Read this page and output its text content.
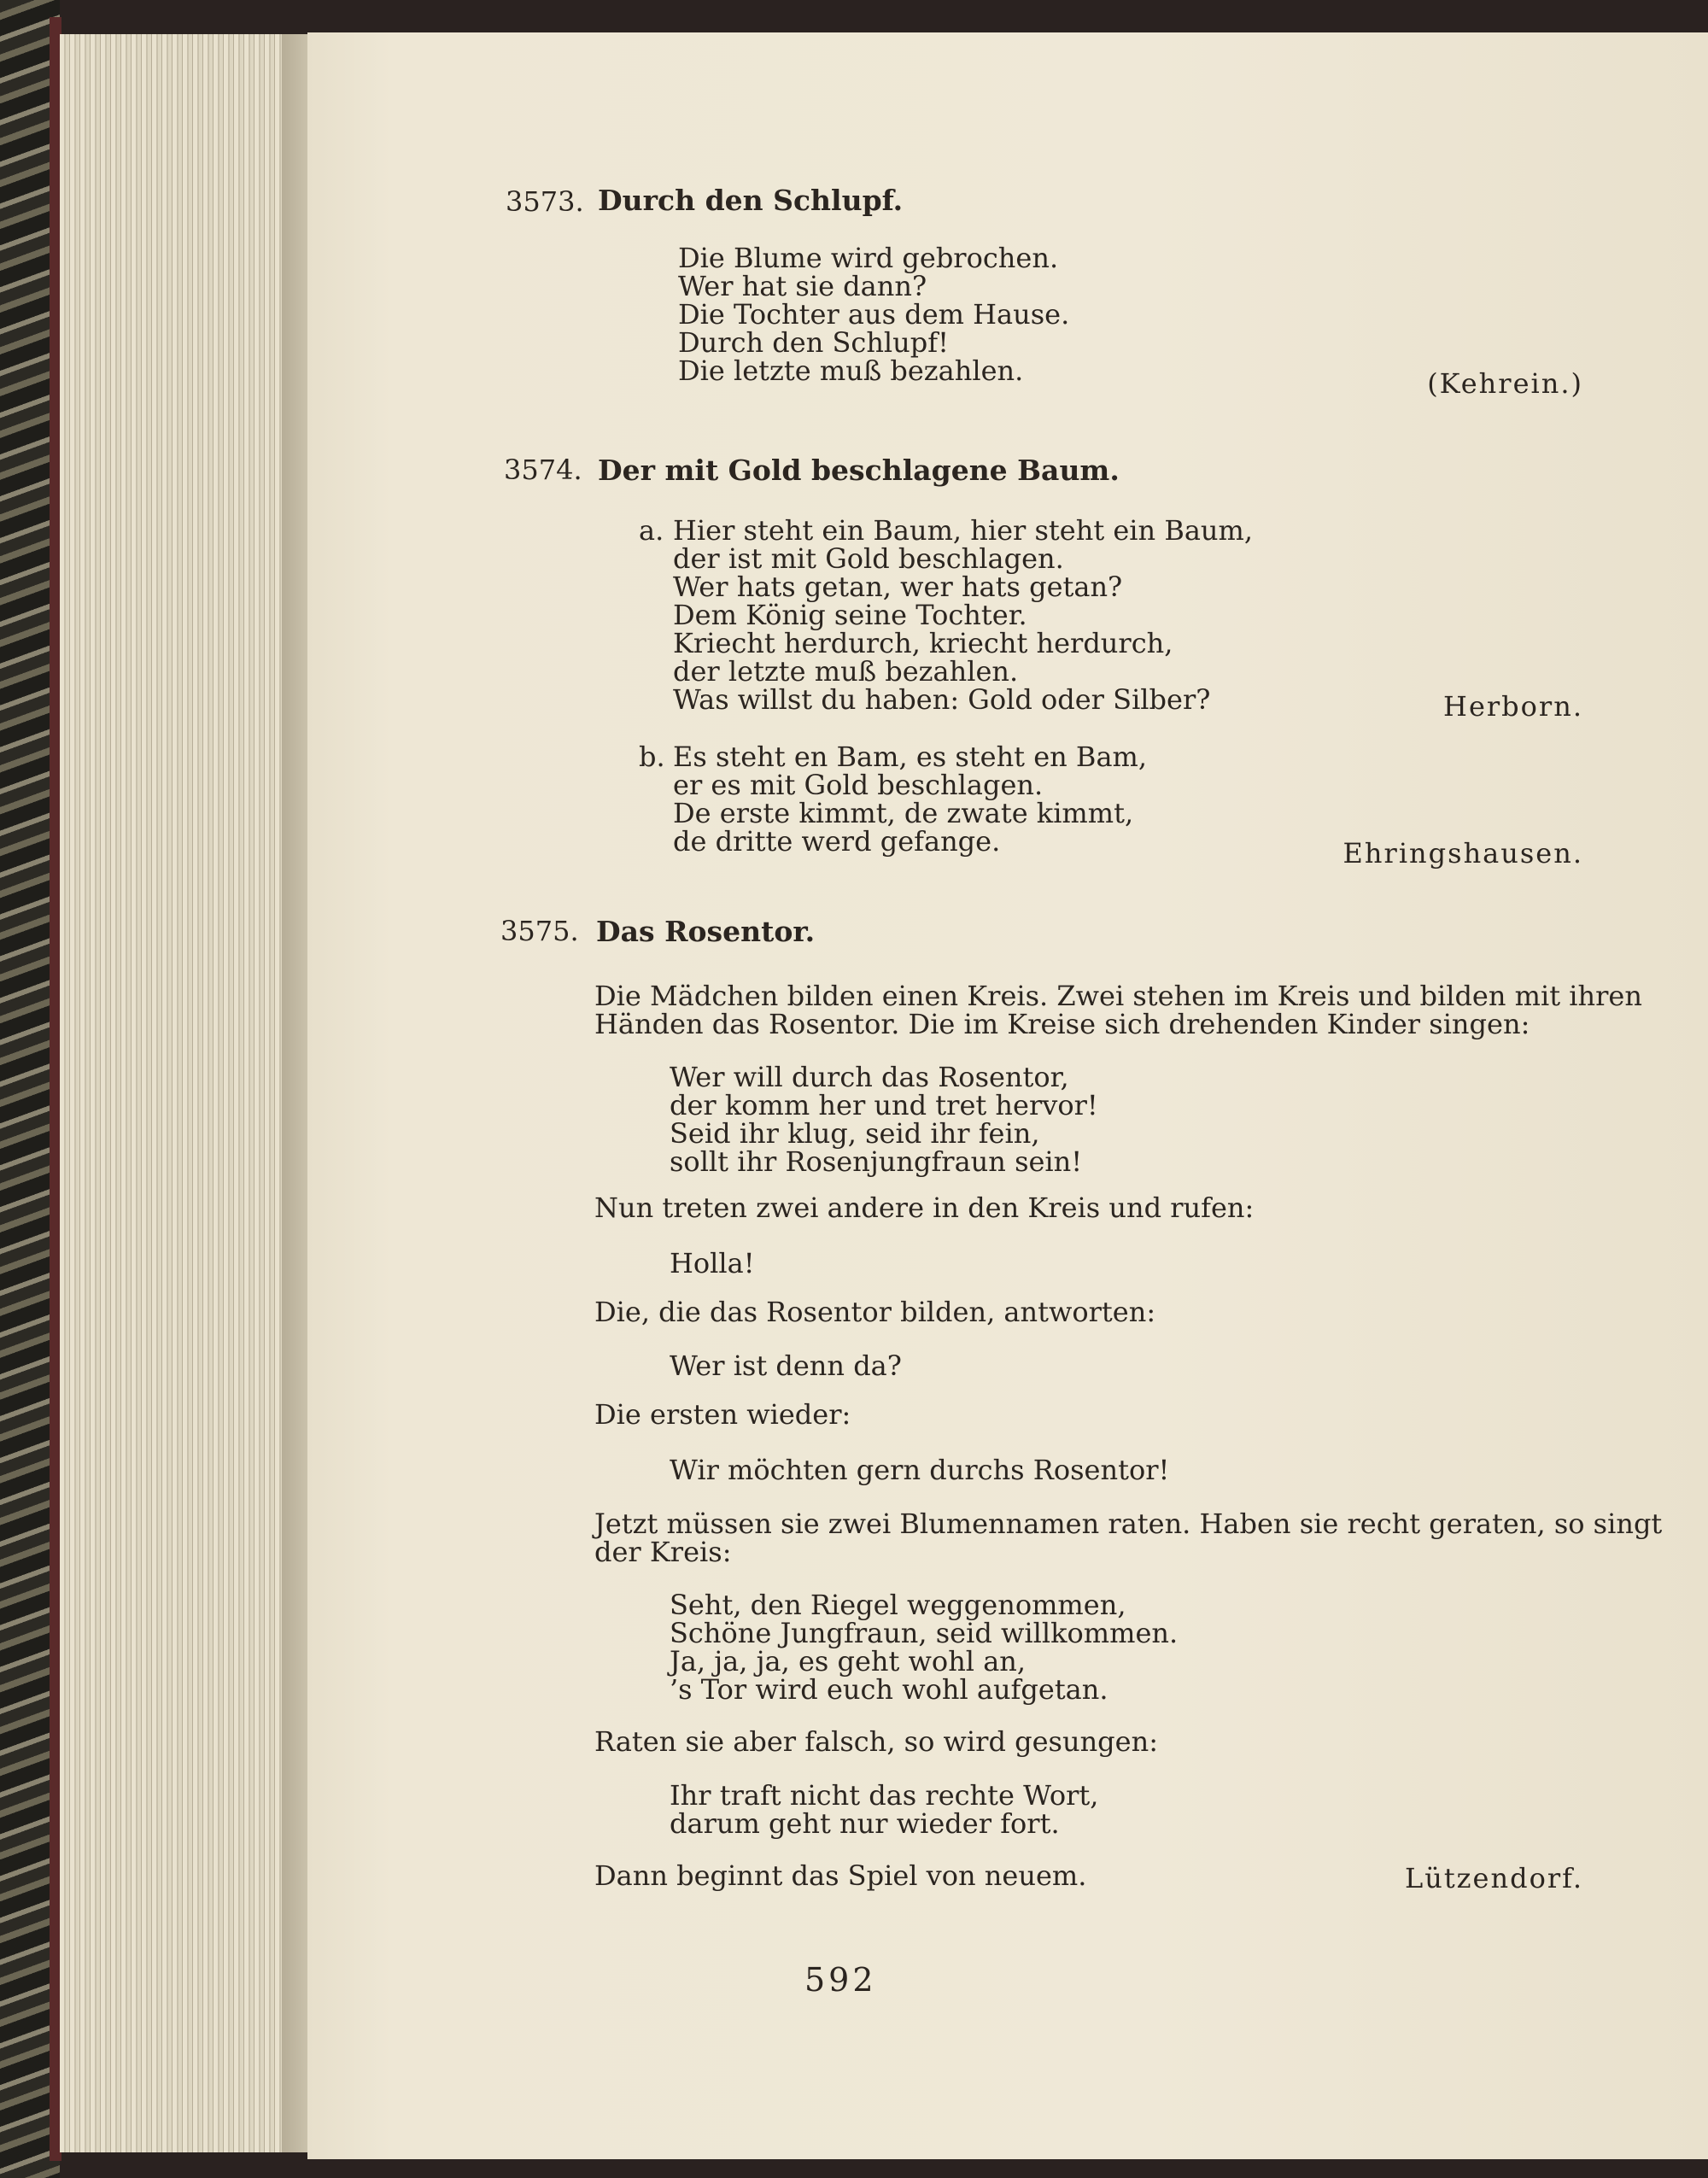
3573. Durch den Schlupf.
Die Blume wird gebrochen.
Wer hat sie dann?
Die Tochter aus dem Hause.
Durch den Schlupf!
Die letzte muß bezahlen.	(Kehrein.)
3574. Der mit Gold beschlagene Baum.
a. Hier steht ein Baum, hier steht ein Baum,
der ist mit Gold beschlagen.
Wer hats getan, wer hats getan?
Dem König seine Tochter.
Kriecht herdurch, kriecht herdurch,
der letzte muß bezahlen.
Was willst du haben: Gold oder Silber?	Herborn.
b. Es steht en Bam, es steht en Bam,
er es mit Gold beschlagen.
De erste kimmt, de zwate kimmt,
de dritte werd gefange.	Ehringshausen.
3575. Das Rosentor.
Die Mädchen bilden einen Kreis. Zwei stehen im Kreis und bilden mit ihren
Händen das Rosentor. Die im Kreise sich drehenden Kinder singen:
Wer will durch das Rosentor,
der komm her und tret hervor!
Seid ihr klug, seid ihr fein,
sollt ihr Rosenjungfraun sein!
Nun treten zwei andere in den Kreis und rufen:
Holla!
Die, die das Rosentor bilden, antworten:
Wer ist denn da?
Die ersten wieder:
Wir möchten gern durchs Rosentor!
Jetzt müssen sie zwei Blumennamen raten. Haben sie recht geraten, so singt
der Kreis:
Seht, den Riegel weggenommen,
Schöne Jungfraun, seid willkommen.
Ja, ja, ja, es geht wohl an,
’s Tor wird euch wohl aufgetan.
Raten sie aber falsch, so wird gesungen:
Ihr traft nicht das rechte Wort,
darum geht nur wieder fort.
Dann beginnt das Spiel von neuem.	Lützendorf.
592
